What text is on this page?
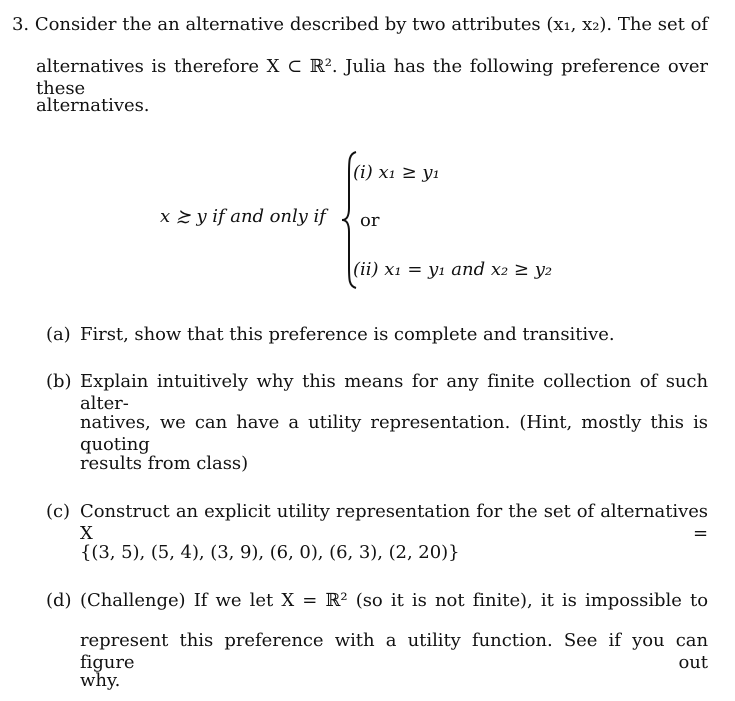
3. Consider the an alternative described by two attributes (x₁, x₂). The set of
alternatives is therefore X ⊂ ℝ². Julia has the following preference over these
alternatives.
x ≿ y if and only if
(i) x₁ ≥ y₁
or
(ii) x₁ = y₁ and x₂ ≥ y₂
(a) First, show that this preference is complete and transitive.
(b) Explain intuitively why this means for any finite collection of such alter-
natives, we can have a utility representation. (Hint, mostly this is quoting
results from class)
(c) Construct an explicit utility representation for the set of alternatives X =
{(3, 5), (5, 4), (3, 9), (6, 0), (6, 3), (2, 20)}
(d) (Challenge) If we let X = ℝ² (so it is not finite), it is impossible to
represent this preference with a utility function. See if you can figure out
why.
